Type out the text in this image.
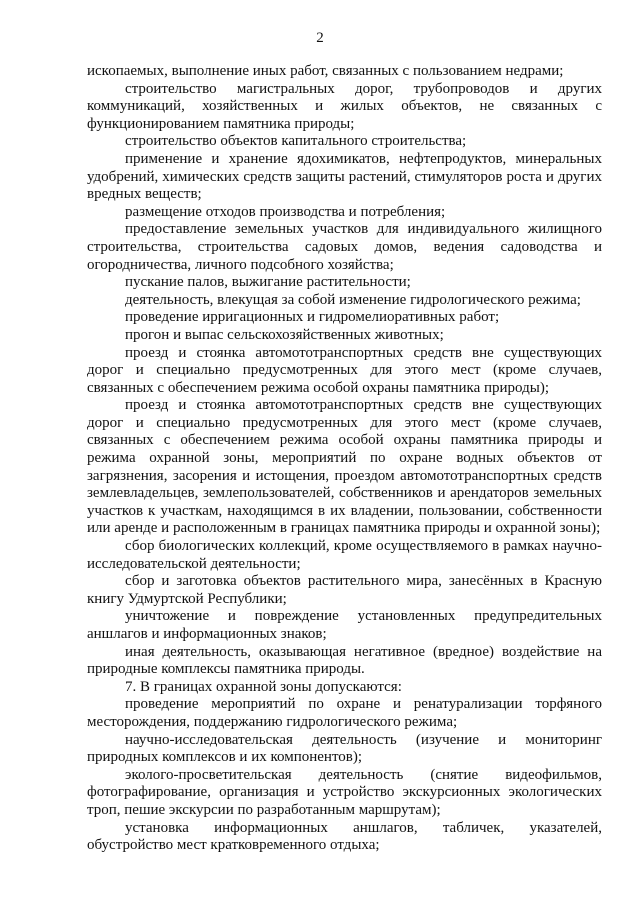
2

ископаемых, выполнение иных работ, связанных с пользованием недрами;

строительство магистральных дорог, трубопроводов и других коммуникаций, хозяйственных и жилых объектов, не связанных с функционированием памятника природы;

строительство объектов капитального строительства;

применение и хранение ядохимикатов, нефтепродуктов, минеральных удобрений, химических средств защиты растений, стимуляторов роста и других вредных веществ;

размещение отходов производства и потребления;

предоставление земельных участков для индивидуального жилищного строительства, строительства садовых домов, ведения садоводства и огородничества, личного подсобного хозяйства;

пускание палов, выжигание растительности;

деятельность, влекущая за собой изменение гидрологического режима;

проведение ирригационных и гидромелиоративных работ;

прогон и выпас сельскохозяйственных животных;

проезд и стоянка автомототранспортных средств вне существующих дорог и специально предусмотренных для этого мест (кроме случаев, связанных с обеспечением режима особой охраны памятника природы);

проезд и стоянка автомототранспортных средств вне существующих дорог и специально предусмотренных для этого мест (кроме случаев, связанных с обеспечением режима особой охраны памятника природы и режима охранной зоны, мероприятий по охране водных объектов от загрязнения, засорения и истощения, проездом автомототранспортных средств землевладельцев, землепользователей, собственников и арендаторов земельных участков к участкам, находящимся в их владении, пользовании, собственности или аренде и расположенным в границах памятника природы и охранной зоны);

сбор биологических коллекций, кроме осуществляемого в рамках научно-исследовательской деятельности;

сбор и заготовка объектов растительного мира, занесённых в Красную книгу Удмуртской Республики;

уничтожение и повреждение установленных предупредительных аншлагов и информационных знаков;

иная деятельность, оказывающая негативное (вредное) воздействие на природные комплексы памятника природы.

7. В границах охранной зоны допускаются:

проведение мероприятий по охране и ренатурализации торфяного месторождения, поддержанию гидрологического режима;

научно-исследовательская деятельность (изучение и мониторинг природных комплексов и их компонентов);

эколого-просветительская деятельность (снятие видеофильмов, фотографирование, организация и устройство экскурсионных экологических троп, пешие экскурсии по разработанным маршрутам);

установка информационных аншлагов, табличек, указателей, обустройство мест кратковременного отдыха;
